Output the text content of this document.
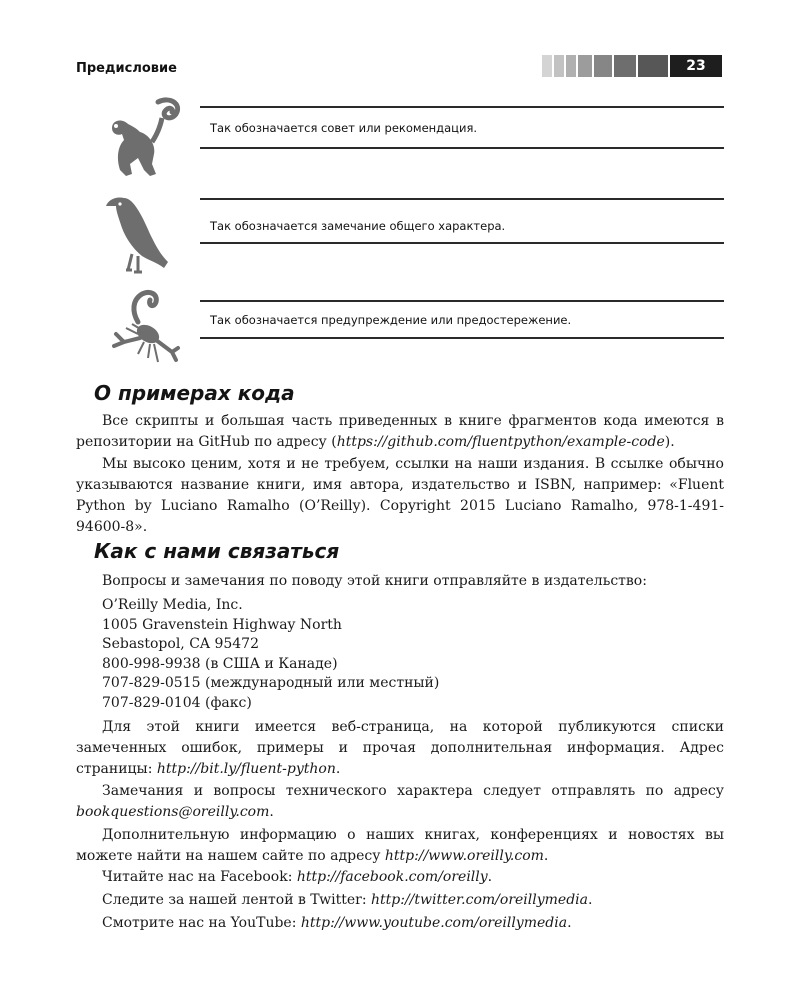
Предисловие	23
Так обозначается совет или рекомендация.
Так обозначается замечание общего характера.
Так обозначается предупреждение или предостережение.
О примерах кода

Все скрипты и большая часть приведенных в книге фрагментов кода имеются в репозитории на GitHub по адресу (https://github.com/fluentpython/example-code).

Мы высоко ценим, хотя и не требуем, ссылки на наши издания. В ссылке обычно указываются название книги, имя автора, издательство и ISBN, например: «Fluent Python by Luciano Ramalho (O’Reilly). Copyright 2015 Luciano Ramalho, 978-1-491-94600-8».

Как с нами связаться

Вопросы и замечания по поводу этой книги отправляйте в издательство:

O’Reilly Media, Inc.
1005 Gravenstein Highway North
Sebastopol, CA 95472
800-998-9938 (в США и Канаде)
707-829-0515 (международный или местный)
707-829-0104 (факс)

Для этой книги имеется веб-страница, на которой публикуются списки замеченных ошибок, примеры и прочая дополнительная информация. Адрес страницы: http://bit.ly/fluent-python.

Замечания и вопросы технического характера следует отправлять по адресу bookquestions@oreilly.com.

Дополнительную информацию о наших книгах, конференциях и новостях вы можете найти на нашем сайте по адресу http://www.oreilly.com.

Читайте нас на Facebook: http://facebook.com/oreilly.

Следите за нашей лентой в Twitter: http://twitter.com/oreillymedia.

Смотрите нас на YouTube: http://www.youtube.com/oreillymedia.
